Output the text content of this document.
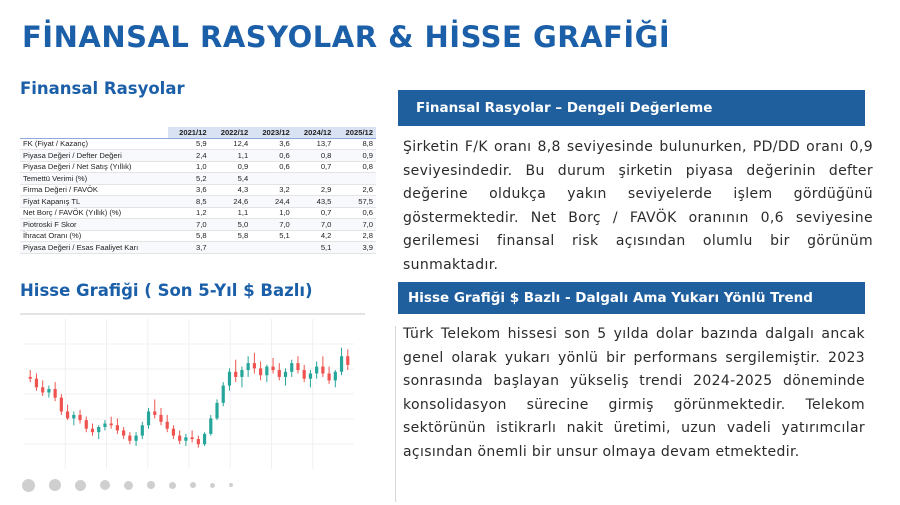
FİNANSAL RASYOLAR & HİSSE GRAFİĞİ
Finansal Rasyolar
	2021/12	2022/12	2023/12	2024/12	2025/12
FK (Fiyat / Kazanç)	5,9	12,4	3,6	13,7	8,8
Piyasa Değeri / Defter Değeri	2,4	1,1	0,6	0,8	0,9
Piyasa Değeri / Net Satış (Yıllık)	1,0	0,9	0,6	0,7	0,8
Temettü Verimi (%)	5,2	5,4			
Firma Değeri / FAVÖK	3,6	4,3	3,2	2,9	2,6
Fiyat Kapanış TL	8,5	24,6	24,4	43,5	57,5
Net Borç / FAVÖK (Yıllık) (%)	1,2	1,1	1,0	0,7	0,6
Piotroski F Skor	7,0	5,0	7,0	7,0	7,0
İhracat Oranı (%)	5,8	5,8	5,1	4,2	2,8
Piyasa Değeri / Esas Faaliyet Karı	3,7			5,1	3,9
Hisse Grafiği ( Son 5-Yıl $ Bazlı)
Finansal Rasyolar – Dengeli Değerleme
Şirketin F/K oranı 8,8 seviyesinde bulunurken, PD/DD oranı 0,9 seviyesindedir. Bu durum şirketin piyasa değerinin defter değerine oldukça yakın seviyelerde işlem gördüğünü göstermektedir. Net Borç / FAVÖK oranının 0,6 seviyesine gerilemesi finansal risk açısından olumlu bir görünüm sunmaktadır.
Hisse Grafiği $ Bazlı - Dalgalı Ama Yukarı Yönlü Trend
Türk Telekom hissesi son 5 yılda dolar bazında dalgalı ancak genel olarak yukarı yönlü bir performans sergilemiştir. 2023 sonrasında başlayan yükseliş trendi 2024-2025 döneminde konsolidasyon sürecine girmiş görünmektedir. Telekom sektörünün istikrarlı nakit üretimi, uzun vadeli yatırımcılar açısından önemli bir unsur olmaya devam etmektedir.
